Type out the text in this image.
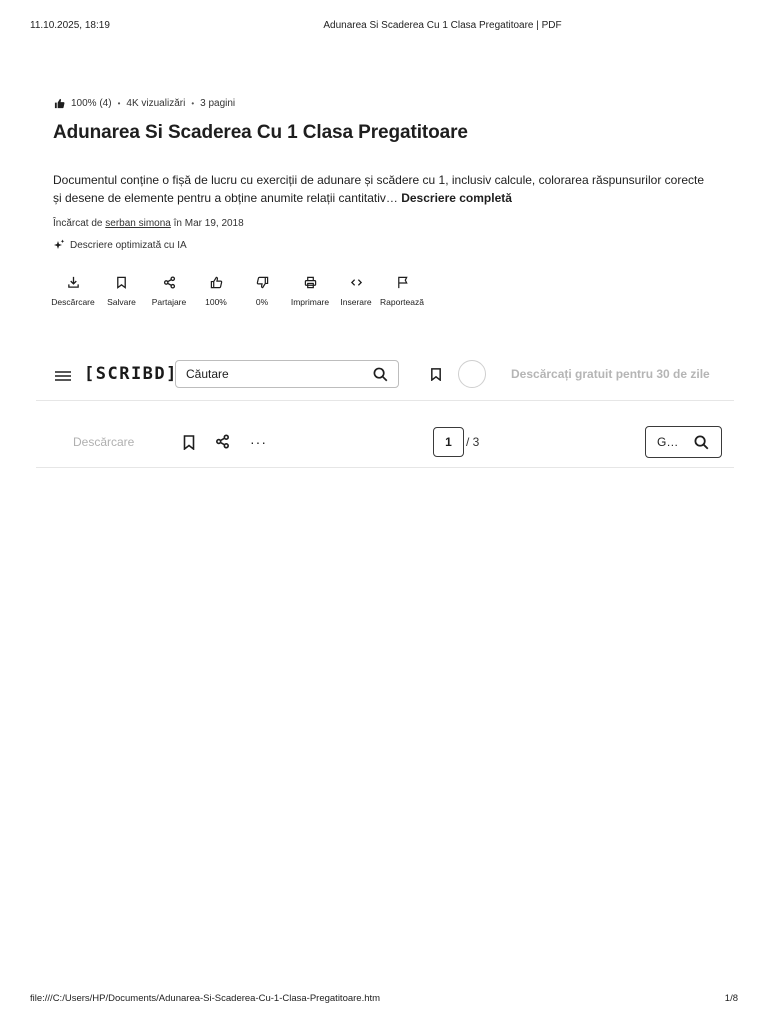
11.10.2025, 18:19	Adunarea Si Scaderea Cu 1 Clasa Pregatitoare | PDF
100% (4) • 4K vizualizări • 3 pagini
Adunarea Si Scaderea Cu 1 Clasa Pregatitoare
Documentul conține o fișă de lucru cu exerciții de adunare și scădere cu 1, inclusiv calcule, colorarea răspunsurilor corecte și desene de elemente pentru a obține anumite relații cantitativ… Descriere completă
Încărcat de serban simona în Mar 19, 2018
Descriere optimizată cu IA
Descărcare Salvare Partajare 100%	0%	Imprimare Inserare Raportează
[SCRIBD]
Căutare	Descărcați gratuit pentru 30 de zile
Descărcare	···	1	/ 3	G…
file:///C:/Users/HP/Documents/Adunarea-Si-Scaderea-Cu-1-Clasa-Pregatitoare.htm	1/8
